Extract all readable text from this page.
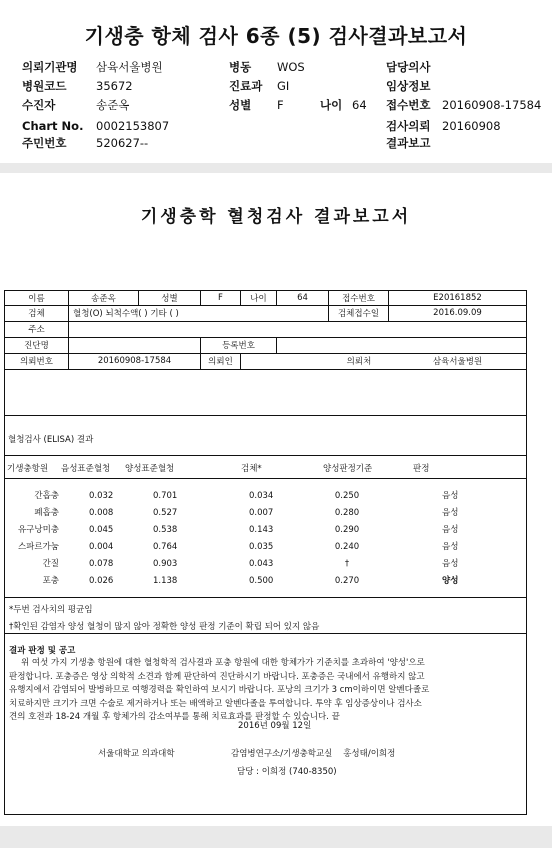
기생충 항체 검사 6종 (5) 검사결과보고서
의뢰기관명 삼육서울병원
병원코드	35672
수진자	송준옥
Chart No. 0002153807
주민번호	520627--
병동 WOS
진료과 GI
성별 F	나이 64
담당의사
임상정보
접수번호 20160908-17584
검사의뢰 20160908
결과보고
기생충학 혈청검사 결과보고서
이름	송준옥	성별	F	나이	64	접수번호	E20161852
검체	혈청(O) 뇌척수액( ) 기타 ( )	검체접수일	2016.09.09
주소
진단명	등록번호
의뢰번호	20160908-17584	의뢰인	의뢰처	삼육서울병원
혈청검사 (ELISA) 결과
기생충항원 음성표준혈청 양성표준혈청	검체*	양성판정기준	판정
간흡충	0.032	0.701	0.034	0.250	음성
폐흡충	0.008	0.527	0.007	0.280	음성
유구낭미충	0.045	0.538	0.143	0.290	음성
스파르가눔	0.004	0.764	0.035	0.240	음성
간질	0.078	0.903	0.043	†	음성
포충	0.026	1.138	0.500	0.270	양성
*두번 검사치의 평균임
†확인된 감염자 양성 혈청이 많지 않아 정확한 양성 판정 기준이 확립 되어 있지 않음
결과 판정 및 공고
위 여섯 가지 기생충 항원에 대한 혈청학적 검사결과 포충 항원에 대한 항체가가 기준치를 초과하여 '양성'으로
판정합니다. 포충증은 영상 의학적 소견과 함께 판단하여 진단하시기 바랍니다. 포충증은 국내에서 유행하지 않고
유행지에서 감염되어 발병하므로 여행경력을 확인하여 보시기 바랍니다. 포낭의 크기가 3 cm이하이면 알벤다졸로
치료하지만 크기가 크면 수술로 제거하거나 또는 배액하고 알벤다졸을 투여합니다. 투약 후 임상증상이나 검사소
견의 호전과 18-24 개월 후 항체가의 감소여부를 통해 치료효과를 판정할 수 있습니다. 끝
2016년 09월 12일
서울대학교 의과대학	감염병연구소/기생충학교실    홍성태/이희정
담당 : 이희정 (740-8350)
